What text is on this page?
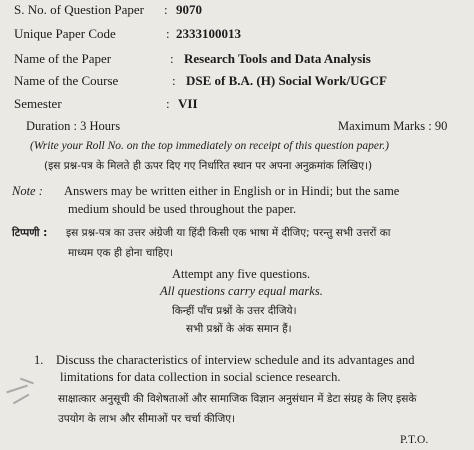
S. No. of Question Paper : 9070
Unique Paper Code	: 2333100013
Name of the Paper	: Research Tools and Data Analysis
Name of the Course	: DSE of B.A. (H) Social Work/UGCF
Semester	: VII
Duration : 3 Hours	Maximum Marks : 90
(Write your Roll No. on the top immediately on receipt of this question paper.)
(इस प्रश्न-पत्र के मिलते ही ऊपर दिए गए निर्धारित स्थान पर अपना अनुक्रमांक लिखिए।)
Note : Answers may be written either in English or in Hindi; but the same
medium should be used throughout the paper.
टिप्पणी : इस प्रश्न-पत्र का उत्तर अंग्रेजी या हिंदी किसी एक भाषा में दीजिए; परन्तु सभी उत्तरों का
माध्यम एक ही होना चाहिए।
Attempt any five questions.
All questions carry equal marks.
किन्हीं पाँच प्रश्नों के उत्तर दीजिये।
सभी प्रश्नों के अंक समान हैं।
1. Discuss the characteristics of interview schedule and its advantages and
limitations for data collection in social science research.
साक्षात्कार अनुसूची की विशेषताओं और सामाजिक विज्ञान अनुसंधान में डेटा संग्रह के लिए इसके
उपयोग के लाभ और सीमाओं पर चर्चा कीजिए।
P.T.O.
